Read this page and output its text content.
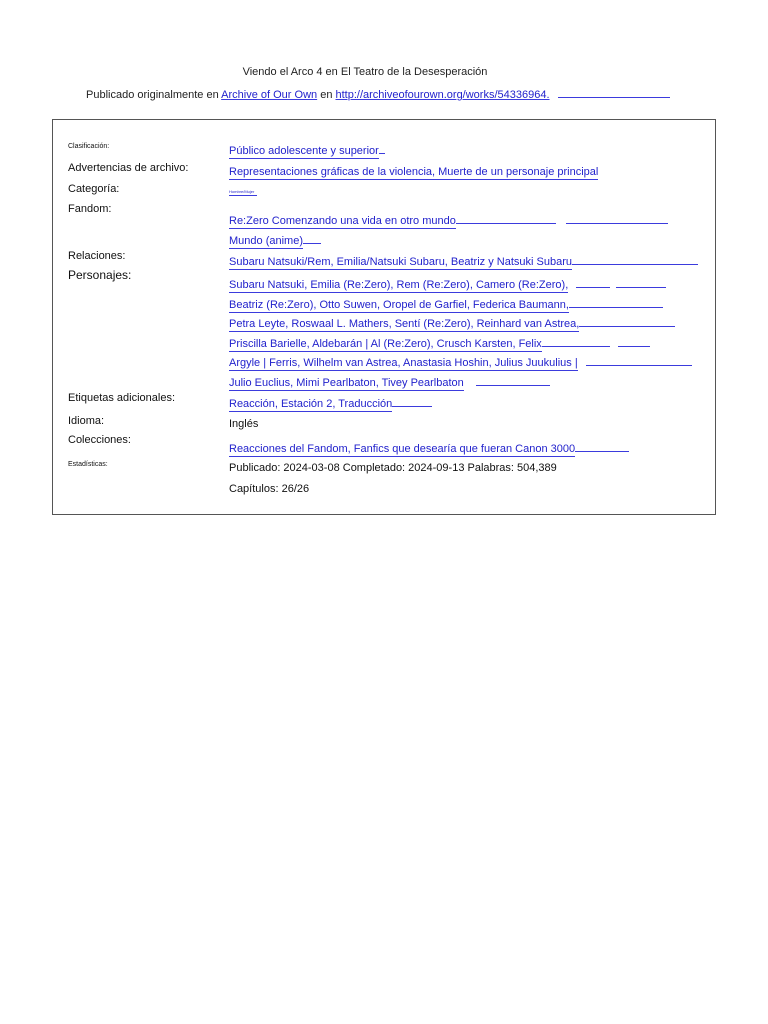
Viendo el Arco 4 en El Teatro de la Desesperación
Publicado originalmente en Archive of Our Own en http://archiveofourown.org/works/54336964.
Clasificación:	Público adolescente y superior
Advertencias de archivo:	Representaciones gráficas de la violencia, Muerte de un personaje principal
Categoría:	Hombre/Mujer
Fandom:
Re:Zero Comenzando una vida en otro mundo
Mundo (anime)
Relaciones:	Subaru Natsuki/Rem, Emilia/Natsuki Subaru, Beatriz y Natsuki Subaru
Personajes:
Subaru Natsuki, Emilia (Re:Zero), Rem (Re:Zero), Camero (Re:Zero),
Beatriz (Re:Zero), Otto Suwen, Oropel de Garfiel, Federica Baumann,
Petra Leyte, Roswaal L. Mathers, Sentí (Re:Zero), Reinhard van Astrea,
Priscilla Barielle, Aldebarán | Al (Re:Zero), Crusch Karsten, Felix
Argyle | Ferris, Wilhelm van Astrea, Anastasia Hoshin, Julius Juukulius |
Julio Euclius, Mimi Pearlbaton, Tivey Pearlbaton
Etiquetas adicionales:	Reacción, Estación 2, Traducción
Idioma:	Inglés
Colecciones:
Reacciones del Fandom, Fanfics que desearía que fueran Canon 3000
Estadísticas:	Publicado: 2024-03-08 Completado: 2024-09-13 Palabras: 504,389
Capítulos: 26/26
